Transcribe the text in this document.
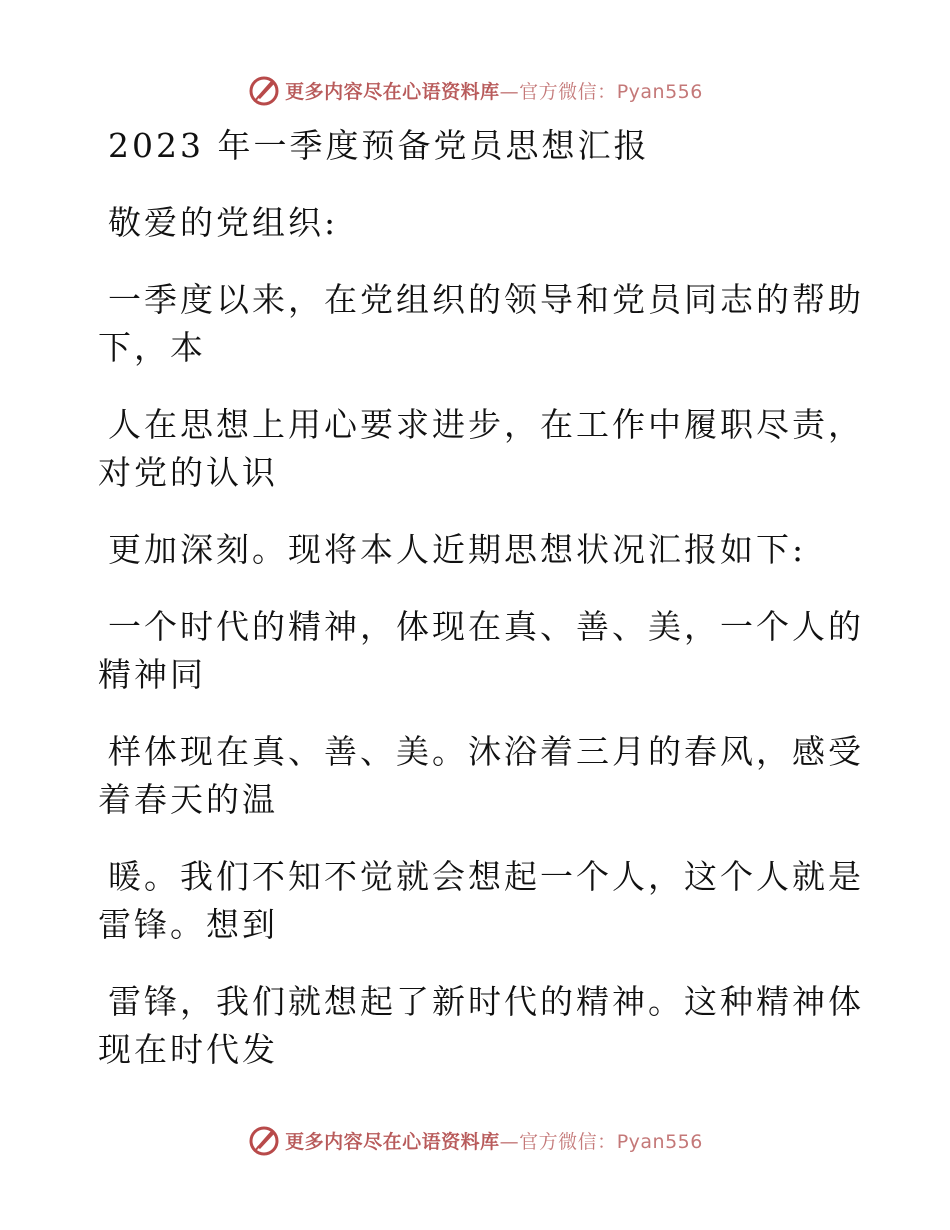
更多内容尽在心语资料库—官方微信：Pyan556
2023 年一季度预备党员思想汇报
敬爱的党组织:
一季度以来，在党组织的领导和党员同志的帮助
下，本
人在思想上用心要求进步，在工作中履职尽责，
对党的认识
更加深刻。现将本人近期思想状况汇报如下:
一个时代的精神，体现在真、善、美，一个人的
精神同
样体现在真、善、美。沐浴着三月的春风，感受
着春天的温
暖。我们不知不觉就会想起一个人，这个人就是
雷锋。想到
雷锋，我们就想起了新时代的精神。这种精神体
现在时代发
更多内容尽在心语资料库—官方微信：Pyan556
